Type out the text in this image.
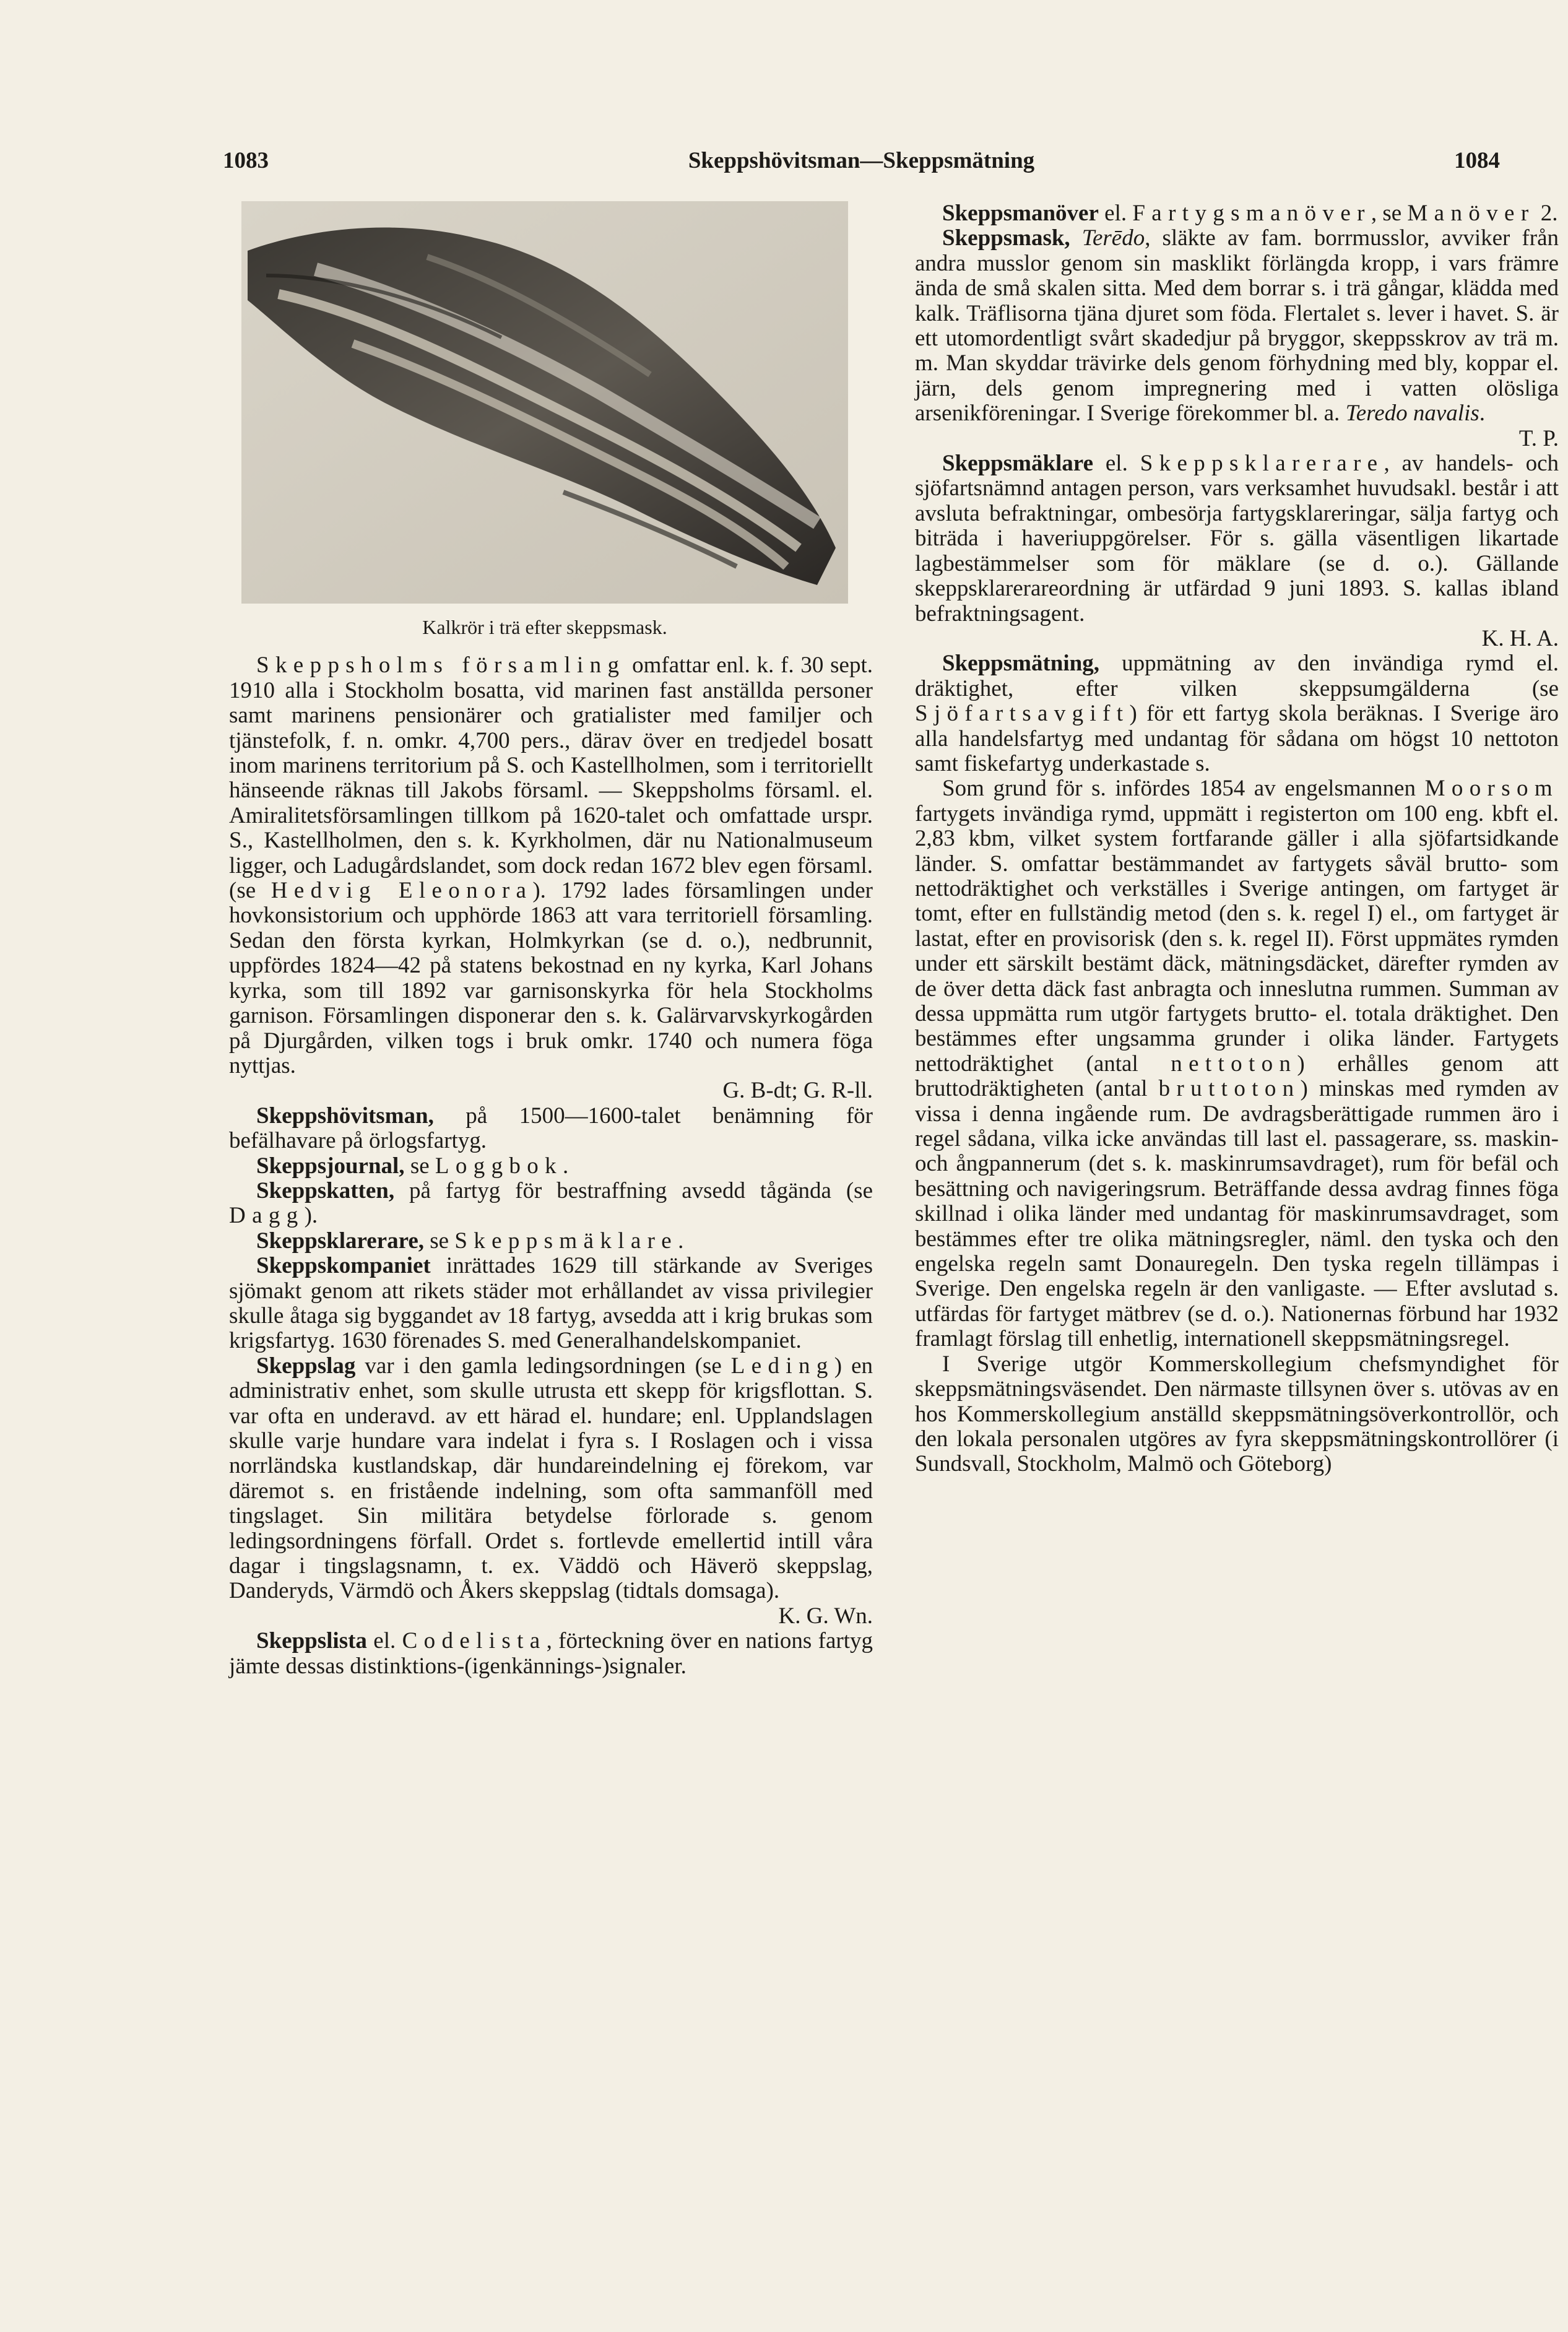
1083	Skeppshövitsman—Skeppsmätning	1084
Kalkrör i trä efter skeppsmask.

Skeppsholms församling omfattar enl. k. f. 30 sept. 1910 alla i Stockholm bosatta, vid marinen fast anställda personer samt marinens pensionärer och gratialister med familjer och tjänstefolk, f. n. omkr. 4,700 pers., därav över en tredjedel bosatt inom marinens territorium på S. och Kastellholmen, som i territoriellt hänseende räknas till Jakobs församl. — Skeppsholms församl. el. Amiralitetsförsamlingen tillkom på 1620-talet och omfattade urspr. S., Kastellholmen, den s. k. Kyrkholmen, där nu Nationalmuseum ligger, och Ladugårdslandet, som dock redan 1672 blev egen församl. (se Hedvig Eleonora). 1792 lades församlingen under hovkonsistorium och upphörde 1863 att vara territoriell församling. Sedan den första kyrkan, Holmkyrkan (se d. o.), nedbrunnit, uppfördes 1824—42 på statens bekostnad en ny kyrka, Karl Johans kyrka, som till 1892 var garnisonskyrka för hela Stockholms garnison. Församlingen disponerar den s. k. Galärvarvskyrkogården på Djurgården, vilken togs i bruk omkr. 1740 och numera föga nyttjas.
G. B-dt; G. R-ll.

Skeppshövitsman, på 1500—1600-talet benämning för befälhavare på örlogsfartyg.

Skeppsjournal, se Loggbok.

Skeppskatten, på fartyg för bestraffning avsedd tågända (se Dagg).

Skeppsklarerare, se Skeppsmäklare.

Skeppskompaniet inrättades 1629 till stärkande av Sveriges sjömakt genom att rikets städer mot erhållandet av vissa privilegier skulle åtaga sig byggandet av 18 fartyg, avsedda att i krig brukas som krigsfartyg. 1630 förenades S. med Generalhandelskompaniet.

Skeppslag var i den gamla ledingsordningen (se Leding) en administrativ enhet, som skulle utrusta ett skepp för krigsflottan. S. var ofta en underavd. av ett härad el. hundare; enl. Upplandslagen skulle varje hundare vara indelat i fyra s. I Roslagen och i vissa norrländska kustlandskap, där hundareindelning ej förekom, var däremot s. en fristående indelning, som ofta sammanföll med tingslaget. Sin militära betydelse förlorade s. genom ledingsordningens förfall. Ordet s. fortlevde emellertid intill våra dagar i tingslagsnamn, t. ex. Väddö och Häverö skeppslag, Danderyds, Värmdö och Åkers skeppslag (tidtals domsaga).
K. G. Wn.

Skeppslista el. Codelista, förteckning över en nations fartyg jämte dessas distinktions-(igenkännings-)signaler.

Skeppsmanöver el. Fartygsmanöver, se Manöver 2.

Skeppsmask, Terēdo, släkte av fam. borrmusslor, avviker från andra musslor genom sin masklikt förlängda kropp, i vars främre ända de små skalen sitta. Med dem borrar s. i trä gångar, klädda med kalk. Träflisorna tjäna djuret som föda. Flertalet s. lever i havet. S. är ett utomordentligt svårt skadedjur på bryggor, skeppsskrov av trä m. m. Man skyddar trävirke dels genom förhydning med bly, koppar el. järn, dels genom impregnering med i vatten olösliga arsenikföreningar. I Sverige förekommer bl. a. Teredo navalis.
T. P.

Skeppsmäklare el. Skeppsklarerare, av handels- och sjöfartsnämnd antagen person, vars verksamhet huvudsakl. består i att avsluta befraktningar, ombesörja fartygsklareringar, sälja fartyg och biträda i haveriuppgörelser. För s. gälla väsentligen likartade lagbestämmelser som för mäklare (se d. o.). Gällande skeppsklarerareordning är utfärdad 9 juni 1893. S. kallas ibland befraktningsagent.
K. H. A.

Skeppsmätning, uppmätning av den invändiga rymd el. dräktighet, efter vilken skeppsumgälderna (se Sjöfartsavgift) för ett fartyg skola beräknas. I Sverige äro alla handelsfartyg med undantag för sådana om högst 10 nettoton samt fiskefartyg underkastade s.

Som grund för s. infördes 1854 av engelsmannen Moorsom fartygets invändiga rymd, uppmätt i registerton om 100 eng. kbft el. 2,83 kbm, vilket system fortfarande gäller i alla sjöfartsidkande länder. S. omfattar bestämmandet av fartygets såväl brutto- som nettodräktighet och verkställes i Sverige antingen, om fartyget är tomt, efter en fullständig metod (den s. k. regel I) el., om fartyget är lastat, efter en provisorisk (den s. k. regel II). Först uppmätes rymden under ett särskilt bestämt däck, mätningsdäcket, därefter rymden av de över detta däck fast anbragta och inneslutna rummen. Summan av dessa uppmätta rum utgör fartygets brutto- el. totala dräktighet. Den bestämmes efter ungsamma grunder i olika länder. Fartygets nettodräktighet (antal nettoton) erhålles genom att bruttodräktigheten (antal bruttoton) minskas med rymden av vissa i denna ingående rum. De avdragsberättigade rummen äro i regel sådana, vilka icke användas till last el. passagerare, ss. maskin- och ångpannerum (det s. k. maskinrumsavdraget), rum för befäl och besättning och navigeringsrum. Beträffande dessa avdrag finnes föga skillnad i olika länder med undantag för maskinrumsavdraget, som bestämmes efter tre olika mätningsregler, näml. den tyska och den engelska regeln samt Donauregeln. Den tyska regeln tillämpas i Sverige. Den engelska regeln är den vanligaste. — Efter avslutad s. utfärdas för fartyget mätbrev (se d. o.). Nationernas förbund har 1932 framlagt förslag till enhetlig, internationell skeppsmätningsregel.

I Sverige utgör Kommerskollegium chefsmyndighet för skeppsmätningsväsendet. Den närmaste tillsynen över s. utövas av en hos Kommerskollegium anställd skeppsmätningsöverkontrollör, och den lokala personalen utgöres av fyra skeppsmätningskontrollörer (i Sundsvall, Stockholm, Malmö och Göteborg)
